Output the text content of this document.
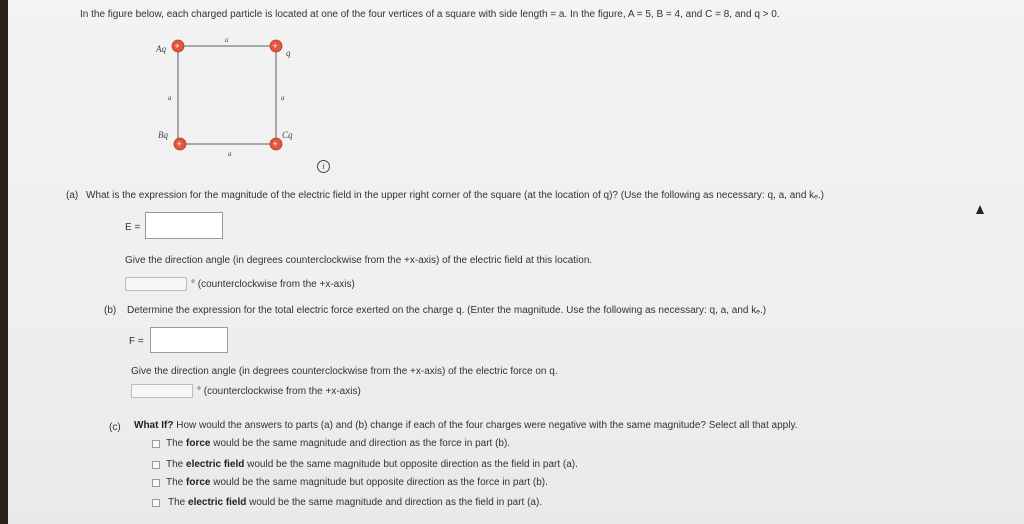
In the figure below, each charged particle is located at one of the four vertices of a square with side length = a. In the figure, A = 5, B = 4, and C = 8, and q > 0.
a
a	a
a
+	+
+	+
Aq	q
Bq	Cq
i
(a) What is the expression for the magnitude of the electric field in the upper right corner of the square (at the location of q)? (Use the following as necessary: q, a, and kₑ.)
E =
Give the direction angle (in degrees counterclockwise from the +x-axis) of the electric field at this location.
° (counterclockwise from the +x-axis)
(b) Determine the expression for the total electric force exerted on the charge q. (Enter the magnitude. Use the following as necessary: q, a, and kₑ.)
F =
Give the direction angle (in degrees counterclockwise from the +x-axis) of the electric force on q.
° (counterclockwise from the +x-axis)
(c) What If? How would the answers to parts (a) and (b) change if each of the four charges were negative with the same magnitude? Select all that apply.
The force would be the same magnitude and direction as the force in part (b).
The electric field would be the same magnitude but opposite direction as the field in part (a).
The force would be the same magnitude but opposite direction as the force in part (b).
The electric field would be the same magnitude and direction as the field in part (a).
